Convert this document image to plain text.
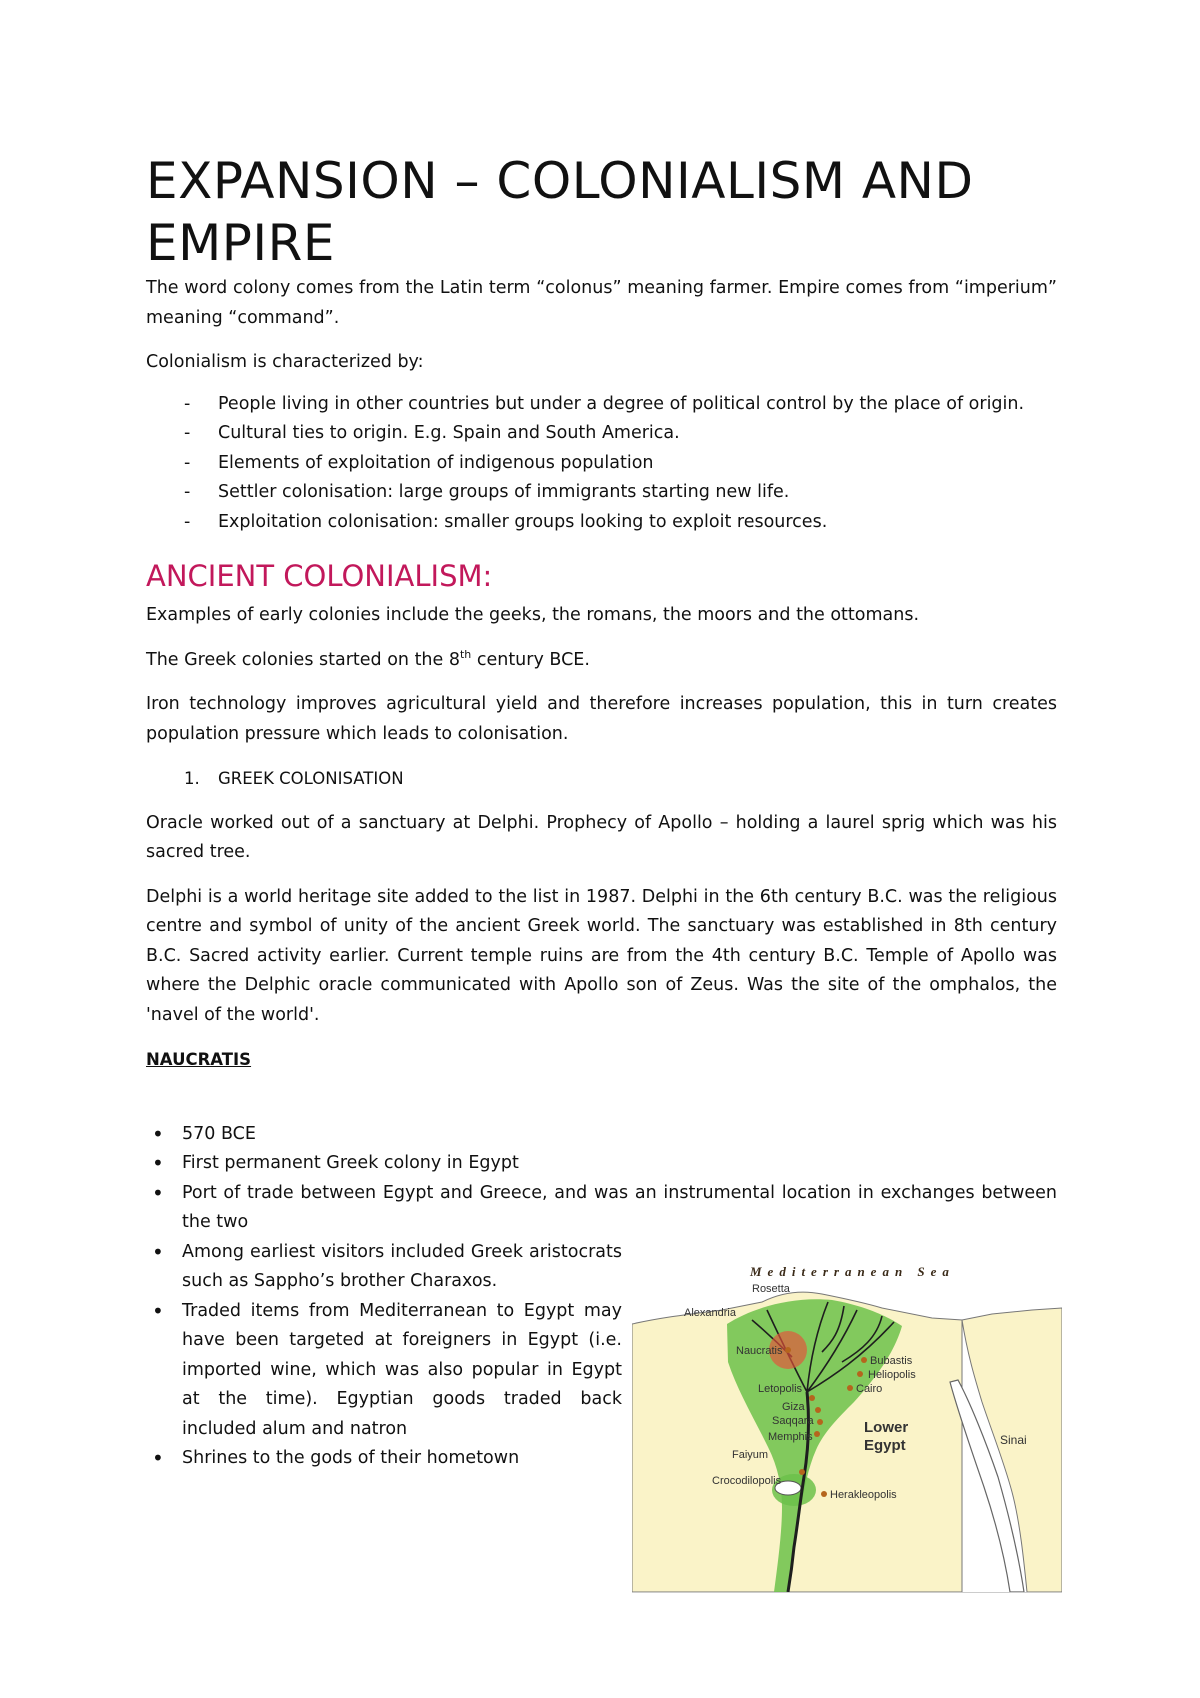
EXPANSION – COLONIALISM AND EMPIRE

The word colony comes from the Latin term “colonus” meaning farmer. Empire comes from “imperium” meaning “command”.

Colonialism is characterized by:

- People living in other countries but under a degree of political control by the place of origin.
- Cultural ties to origin. E.g. Spain and South America.
- Elements of exploitation of indigenous population
- Settler colonisation: large groups of immigrants starting new life.
- Exploitation colonisation: smaller groups looking to exploit resources.
ANCIENT COLONIALISM:

Examples of early colonies include the geeks, the romans, the moors and the ottomans.

The Greek colonies started on the 8th century BCE.

Iron technology improves agricultural yield and therefore increases population, this in turn creates population pressure which leads to colonisation.

1. GREEK COLONISATION

Oracle worked out of a sanctuary at Delphi. Prophecy of Apollo – holding a laurel sprig which was his sacred tree.

Delphi is a world heritage site added to the list in 1987. Delphi in the 6th century B.C. was the religious centre and symbol of unity of the ancient Greek world. The sanctuary was established in 8th century B.C. Sacred activity earlier. Current temple ruins are from the 4th century B.C. Temple of Apollo was where the Delphic oracle communicated with Apollo son of Zeus. Was the site of the omphalos, the 'navel of the world'.

NAUCRATIS
• 570 BCE
• First permanent Greek colony in Egypt
• Port of trade between Egypt and Greece, and was an instrumental location in exchanges between the two
• Among earliest visitors included Greek aristocrats such as Sappho’s brother Charaxos.
• Traded items from Mediterranean to Egypt may have been targeted at foreigners in Egypt (i.e. imported wine, which was also popular in Egypt at the time). Egyptian goods traded back included alum and natron
• Shrines to the gods of their hometown
Mediterranean Sea
Rosetta
Alexandria
Naucratis
Bubastis
Heliopolis
Cairo
Letopolis
Giza
Saqqara
Memphis
Faiyum
Crocodilopolis
Herakleopolis
Lower
Egypt	Sinai
